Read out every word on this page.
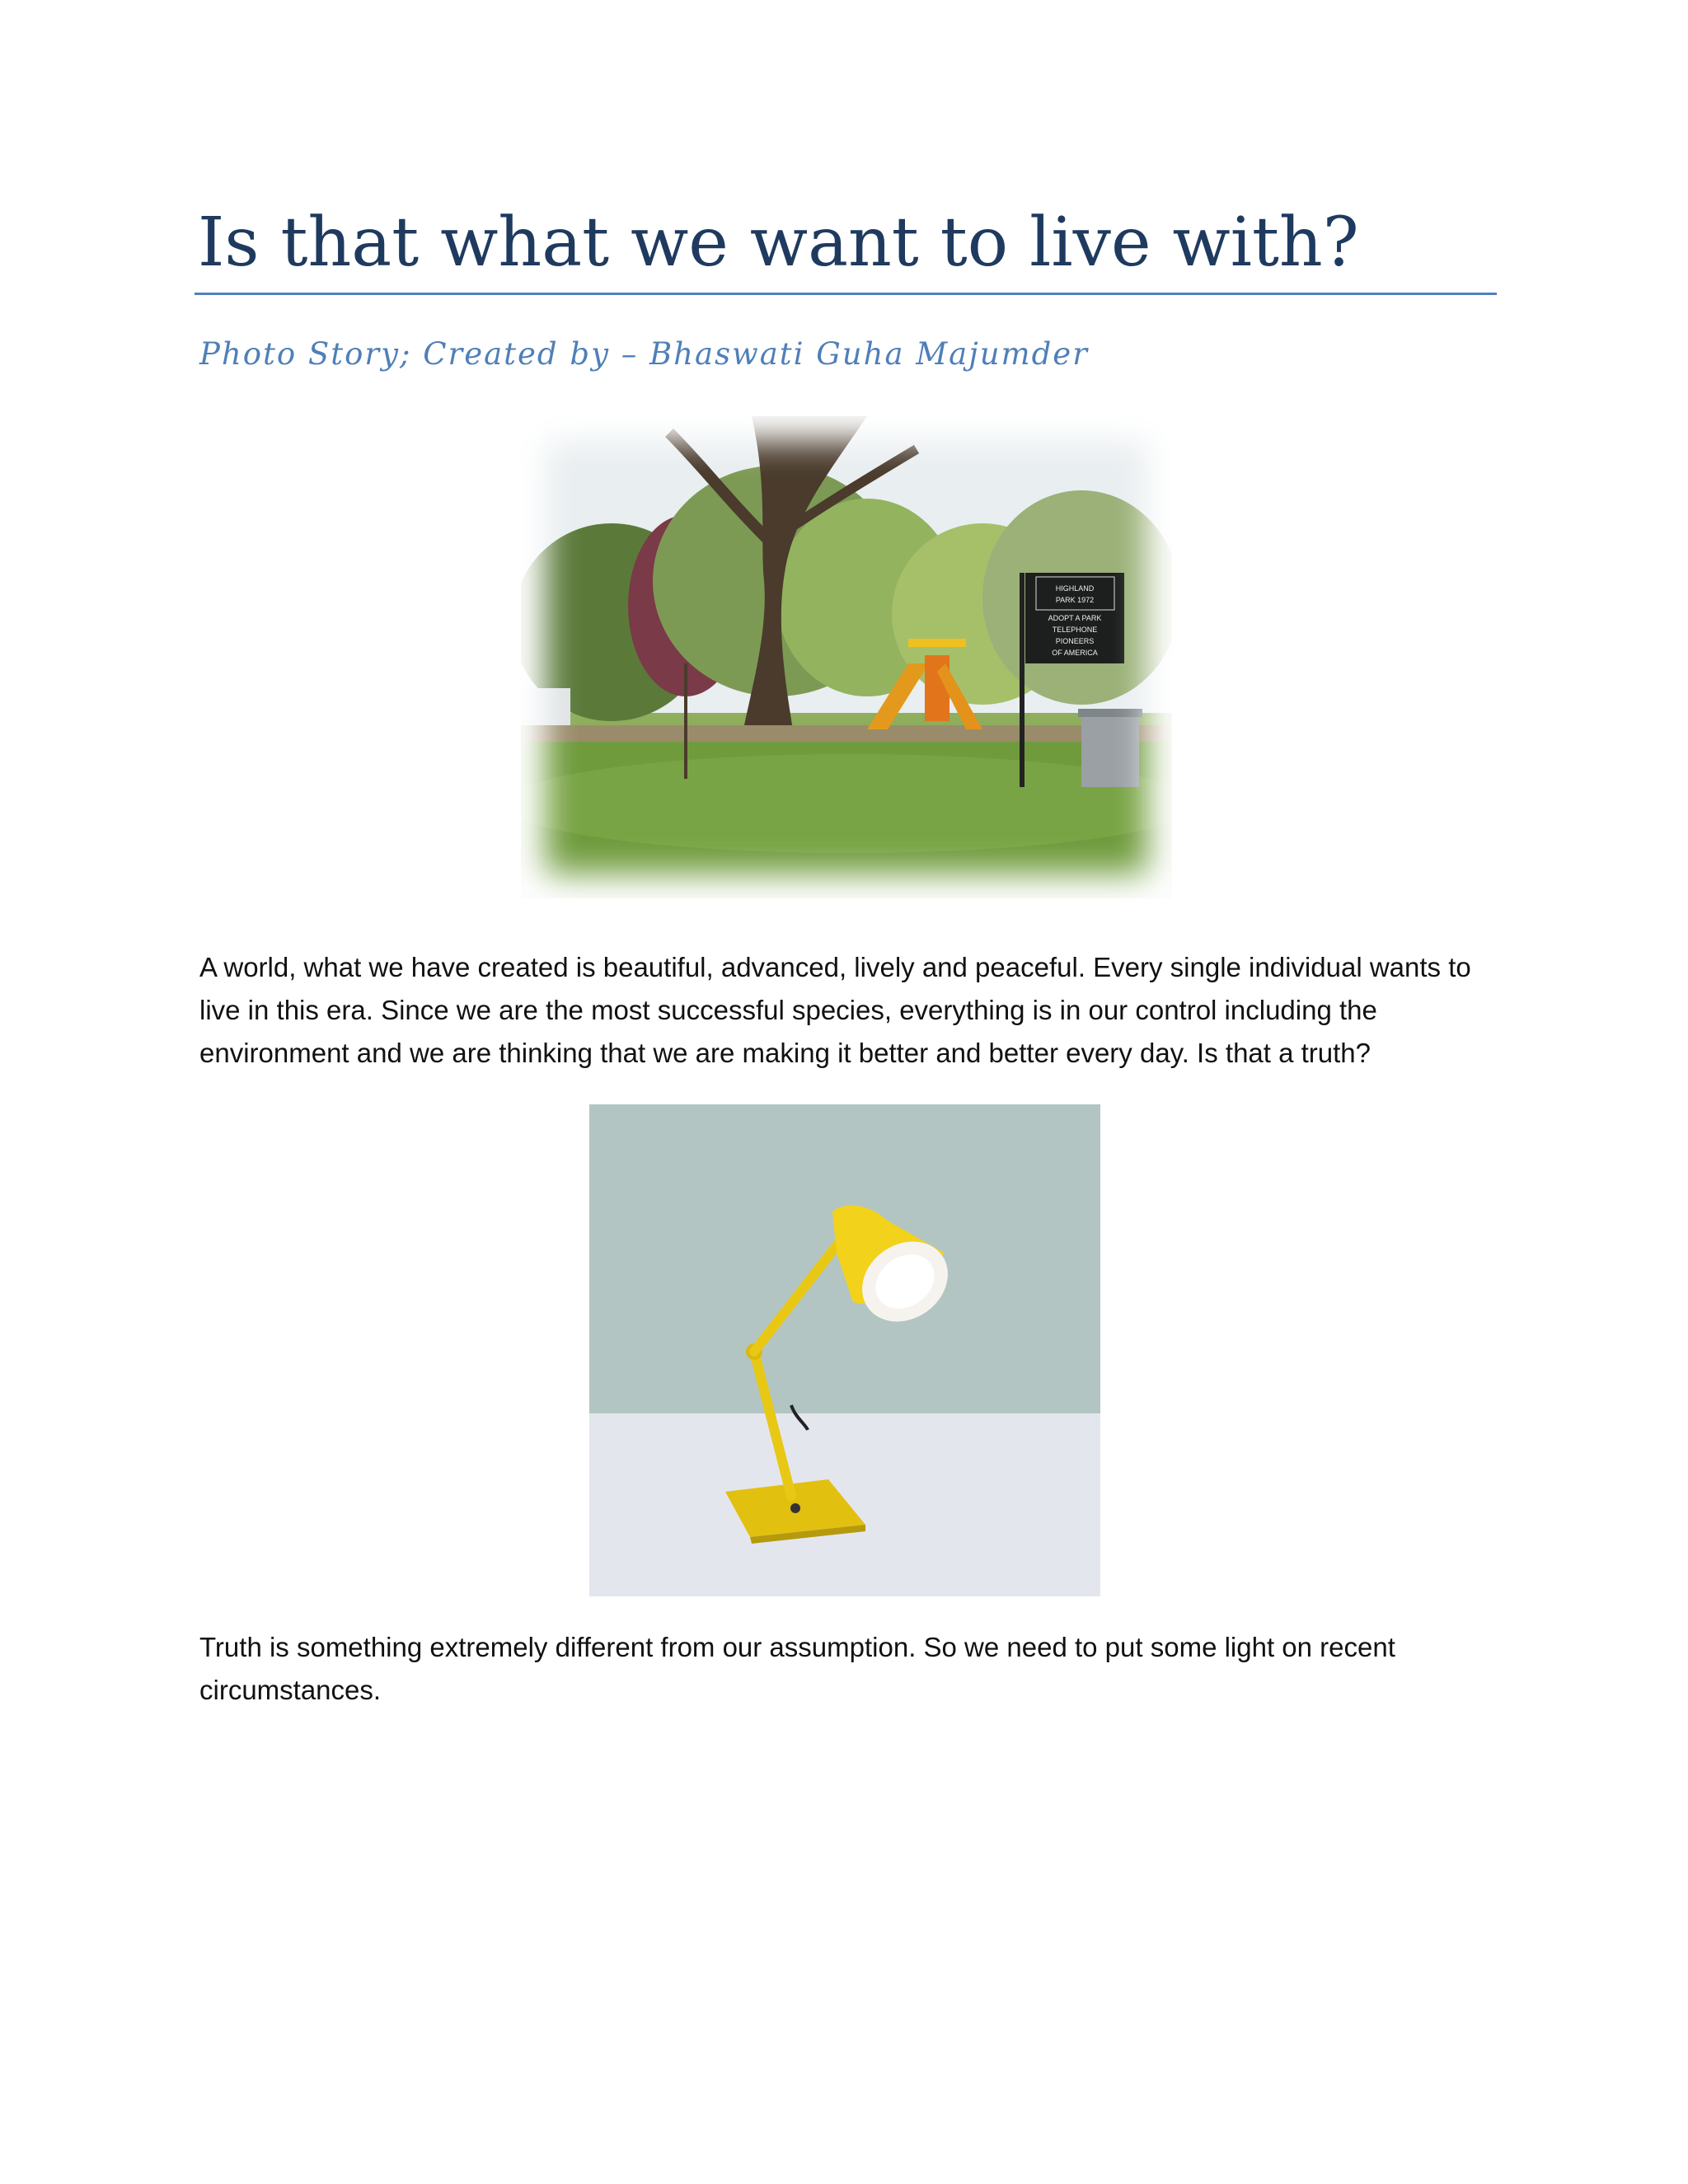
Is that what we want to live with?

Photo Story; Created by – Bhaswati Guha Majumder

HIGHLAND
PARK 1972
ADOPT A PARK
TELEPHONE
PIONEERS
OF AMERICA

A world, what we have created is beautiful, advanced, lively and peaceful. Every single individual wants to live in this era. Since we are the most successful species, everything is in our control including the environment and we are thinking that we are making it better and better every day. Is that a truth?

Truth is something extremely different from our assumption. So we need to put some light on recent circumstances.
